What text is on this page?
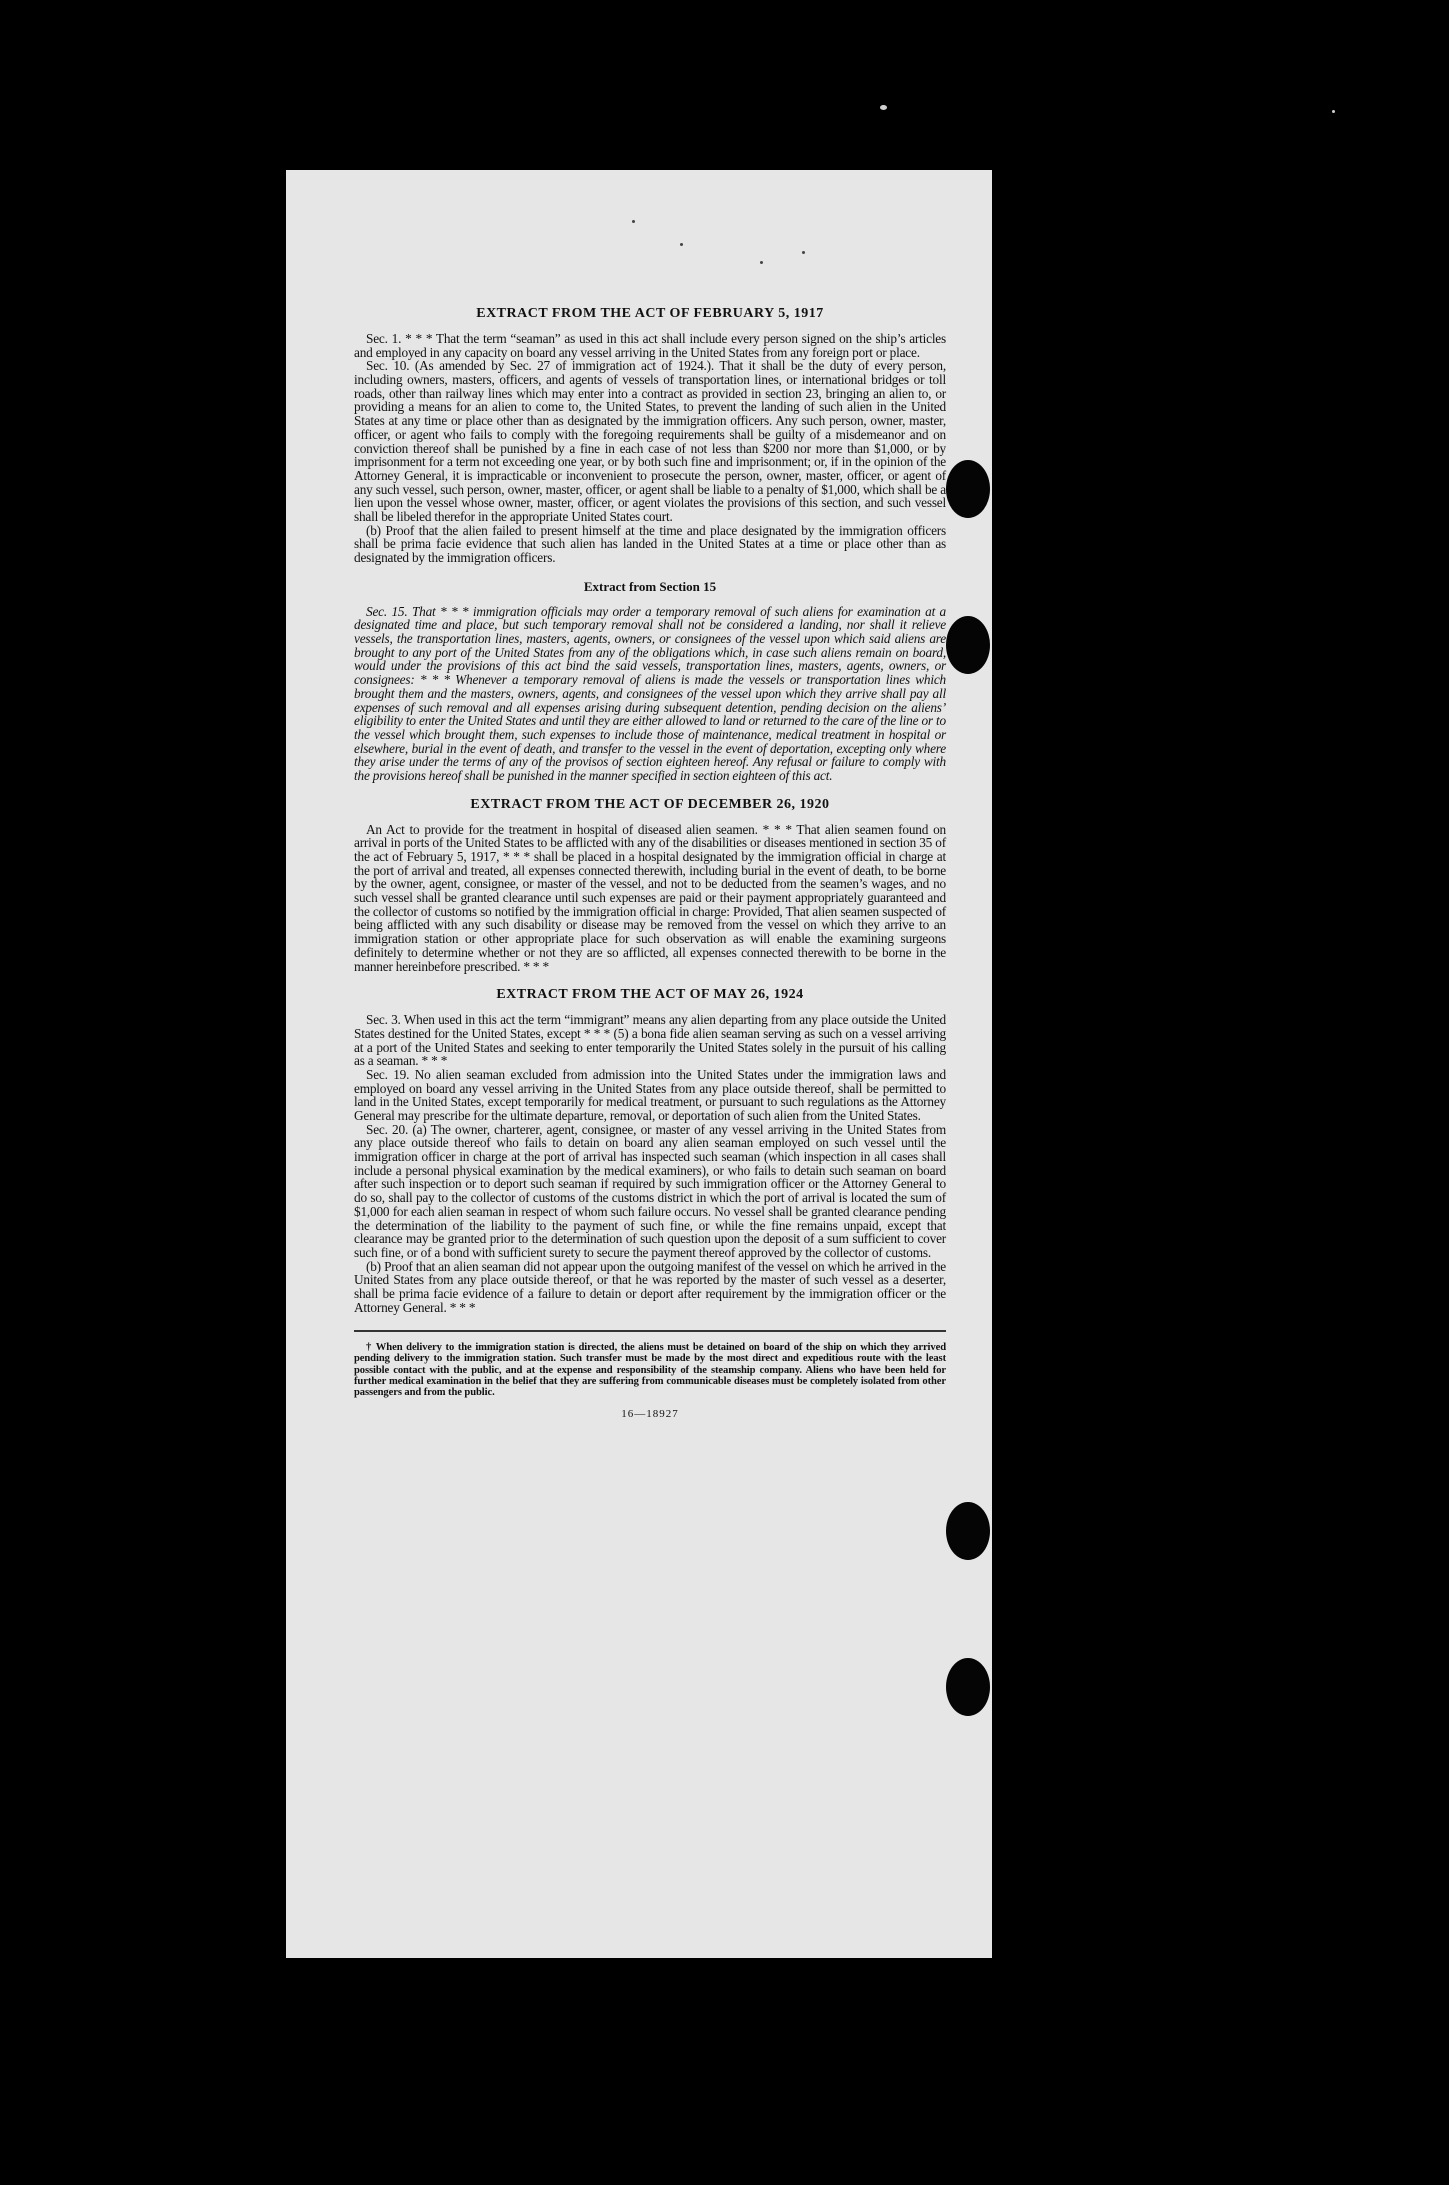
EXTRACT FROM THE ACT OF FEBRUARY 5, 1917

Sec. 1. * * * That the term “seaman” as used in this act shall include every person signed on the ship’s articles and employed in any capacity on board any vessel arriving in the United States from any foreign port or place.

Sec. 10. (As amended by Sec. 27 of immigration act of 1924.). That it shall be the duty of every person, including owners, masters, officers, and agents of vessels of transportation lines, or international bridges or toll roads, other than railway lines which may enter into a contract as provided in section 23, bringing an alien to, or providing a means for an alien to come to, the United States, to prevent the landing of such alien in the United States at any time or place other than as designated by the immigration officers. Any such person, owner, master, officer, or agent who fails to comply with the foregoing requirements shall be guilty of a misdemeanor and on conviction thereof shall be punished by a fine in each case of not less than $200 nor more than $1,000, or by imprisonment for a term not exceeding one year, or by both such fine and imprisonment; or, if in the opinion of the Attorney General, it is impracticable or inconvenient to prosecute the person, owner, master, officer, or agent of any such vessel, such person, owner, master, officer, or agent shall be liable to a penalty of $1,000, which shall be a lien upon the vessel whose owner, master, officer, or agent violates the provisions of this section, and such vessel shall be libeled therefor in the appropriate United States court.

(b) Proof that the alien failed to present himself at the time and place designated by the immigration officers shall be prima facie evidence that such alien has landed in the United States at a time or place other than as designated by the immigration officers.

Extract from Section 15

Sec. 15. That * * * immigration officials may order a temporary removal of such aliens for examination at a designated time and place, but such temporary removal shall not be considered a landing, nor shall it relieve vessels, the transportation lines, masters, agents, owners, or consignees of the vessel upon which said aliens are brought to any port of the United States from any of the obligations which, in case such aliens remain on board, would under the provisions of this act bind the said vessels, transportation lines, masters, agents, owners, or consignees: * * * Whenever a temporary removal of aliens is made the vessels or transportation lines which brought them and the masters, owners, agents, and consignees of the vessel upon which they arrive shall pay all expenses of such removal and all expenses arising during subsequent detention, pending decision on the aliens’ eligibility to enter the United States and until they are either allowed to land or returned to the care of the line or to the vessel which brought them, such expenses to include those of maintenance, medical treatment in hospital or elsewhere, burial in the event of death, and transfer to the vessel in the event of deportation, excepting only where they arise under the terms of any of the provisos of section eighteen hereof. Any refusal or failure to comply with the provisions hereof shall be punished in the manner specified in section eighteen of this act.

EXTRACT FROM THE ACT OF DECEMBER 26, 1920

An Act to provide for the treatment in hospital of diseased alien seamen. * * * That alien seamen found on arrival in ports of the United States to be afflicted with any of the disabilities or diseases mentioned in section 35 of the act of February 5, 1917, * * * shall be placed in a hospital designated by the immigration official in charge at the port of arrival and treated, all expenses connected therewith, including burial in the event of death, to be borne by the owner, agent, consignee, or master of the vessel, and not to be deducted from the seamen’s wages, and no such vessel shall be granted clearance until such expenses are paid or their payment appropriately guaranteed and the collector of customs so notified by the immigration official in charge: Provided, That alien seamen suspected of being afflicted with any such disability or disease may be removed from the vessel on which they arrive to an immigration station or other appropriate place for such observation as will enable the examining surgeons definitely to determine whether or not they are so afflicted, all expenses connected therewith to be borne in the manner hereinbefore prescribed. * * *

EXTRACT FROM THE ACT OF MAY 26, 1924

Sec. 3. When used in this act the term “immigrant” means any alien departing from any place outside the United States destined for the United States, except * * * (5) a bona fide alien seaman serving as such on a vessel arriving at a port of the United States and seeking to enter temporarily the United States solely in the pursuit of his calling as a seaman. * * *

Sec. 19. No alien seaman excluded from admission into the United States under the immigration laws and employed on board any vessel arriving in the United States from any place outside thereof, shall be permitted to land in the United States, except temporarily for medical treatment, or pursuant to such regulations as the Attorney General may prescribe for the ultimate departure, removal, or deportation of such alien from the United States.

Sec. 20. (a) The owner, charterer, agent, consignee, or master of any vessel arriving in the United States from any place outside thereof who fails to detain on board any alien seaman employed on such vessel until the immigration officer in charge at the port of arrival has inspected such seaman (which inspection in all cases shall include a personal physical examination by the medical examiners), or who fails to detain such seaman on board after such inspection or to deport such seaman if required by such immigration officer or the Attorney General to do so, shall pay to the collector of customs of the customs district in which the port of arrival is located the sum of $1,000 for each alien seaman in respect of whom such failure occurs. No vessel shall be granted clearance pending the determination of the liability to the payment of such fine, or while the fine remains unpaid, except that clearance may be granted prior to the determination of such question upon the deposit of a sum sufficient to cover such fine, or of a bond with sufficient surety to secure the payment thereof approved by the collector of customs.

(b) Proof that an alien seaman did not appear upon the outgoing manifest of the vessel on which he arrived in the United States from any place outside thereof, or that he was reported by the master of such vessel as a deserter, shall be prima facie evidence of a failure to detain or deport after requirement by the immigration officer or the Attorney General. * * *

† When delivery to the immigration station is directed, the aliens must be detained on board of the ship on which they arrived pending delivery to the immigration station. Such transfer must be made by the most direct and expeditious route with the least possible contact with the public, and at the expense and responsibility of the steamship company. Aliens who have been held for further medical examination in the belief that they are suffering from communicable diseases must be completely isolated from other passengers and from the public.

16—18927
